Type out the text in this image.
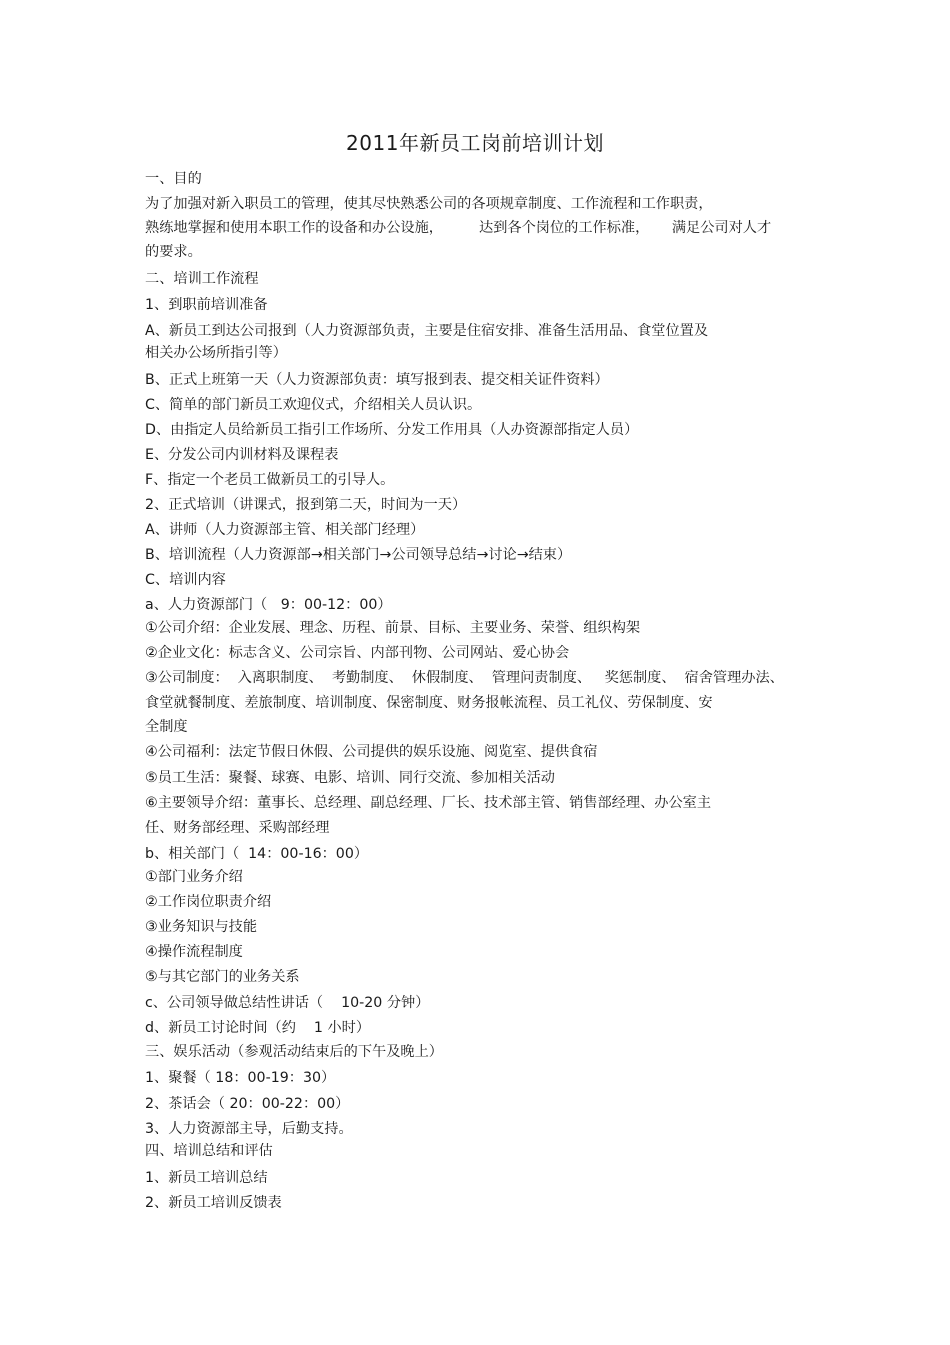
2011年新员工岗前培训计划
一、目的
为了加强对新入职员工的管理，使其尽快熟悉公司的各项规章制度、工作流程和工作职责，
熟练地掌握和使用本职工作的设备和办公设施，        达到各个岗位的工作标准，     满足公司对人才
的要求。
二、培训工作流程
1、到职前培训准备
A、新员工到达公司报到（人力资源部负责，主要是住宿安排、准备生活用品、食堂位置及
相关办公场所指引等）
B、正式上班第一天（人力资源部负责：填写报到表、提交相关证件资料）
C、简单的部门新员工欢迎仪式，介绍相关人员认识。
D、由指定人员给新员工指引工作场所、分发工作用具（人办资源部指定人员）
E、分发公司内训材料及课程表
F、指定一个老员工做新员工的引导人。
2、正式培训（讲课式，报到第二天，时间为一天）
A、讲师（人力资源部主管、相关部门经理）
B、培训流程（人力资源部→相关部门→公司领导总结→讨论→结束）
C、培训内容
a、人力资源部门（   9：00-12：00）
①公司介绍：企业发展、理念、历程、前景、目标、主要业务、荣誉、组织构架
②企业文化：标志含义、公司宗旨、内部刊物、公司网站、爱心协会
③公司制度：  入离职制度、  考勤制度、  休假制度、  管理问责制度、   奖惩制度、  宿舍管理办法、
食堂就餐制度、差旅制度、培训制度、保密制度、财务报帐流程、员工礼仪、劳保制度、安
全制度
④公司福利：法定节假日休假、公司提供的娱乐设施、阅览室、提供食宿
⑤员工生活：聚餐、球赛、电影、培训、同行交流、参加相关活动
⑥主要领导介绍：董事长、总经理、副总经理、厂长、技术部主管、销售部经理、办公室主
任、财务部经理、采购部经理
b、相关部门（  14：00-16：00）
①部门业务介绍
②工作岗位职责介绍
③业务知识与技能
④操作流程制度
⑤与其它部门的业务关系
c、公司领导做总结性讲话（    10-20 分钟）
d、新员工讨论时间（约    1 小时）
三、娱乐活动（参观活动结束后的下午及晚上）
1、聚餐（ 18：00-19：30）
2、茶话会（ 20：00-22：00）
3、人力资源部主导，后勤支持。
四、培训总结和评估
1、新员工培训总结
2、新员工培训反馈表
